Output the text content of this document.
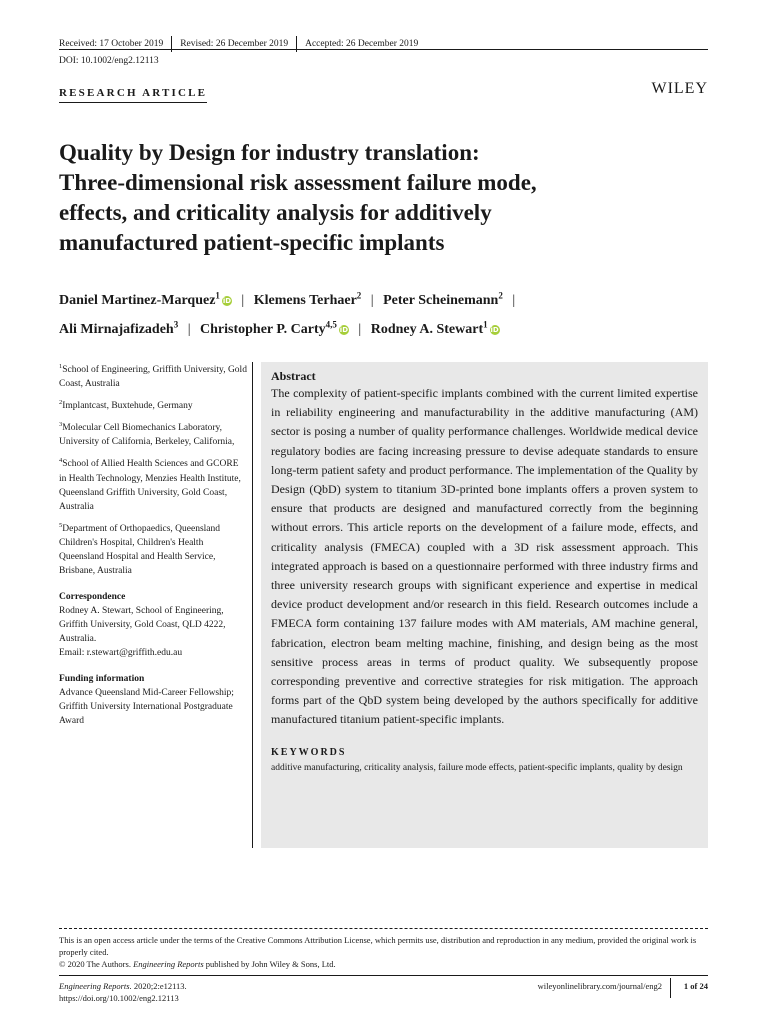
Received: 17 October 2019	Revised: 26 December 2019	Accepted: 26 December 2019
DOI: 10.1002/eng2.12113
RESEARCH ARTICLE	WILEY
Quality by Design for industry translation:
Three-dimensional risk assessment failure mode,
effects, and criticality analysis for additively
manufactured patient-specific implants
Daniel Martinez-Marquez$^1$iD | Klemens Terhaer$^2$ | Peter Scheinemann$^2$ |
Ali Mirnajafizadeh$^3$ | Christopher P. Carty$^{4,5}$iD | Rodney A. Stewart$^1$iD
$^1$School of Engineering, Griffith University, Gold Coast, Australia
$^2$Implantcast, Buxtehude, Germany
$^3$Molecular Cell Biomechanics Laboratory, University of California, Berkeley, California,
$^4$School of Allied Health Sciences and GCORE in Health Technology, Menzies Health Institute, Queensland Griffith University, Gold Coast, Australia
$^5$Department of Orthopaedics, Queensland Children's Hospital, Children's Health Queensland Hospital and Health Service, Brisbane, Australia
Correspondence
Rodney A. Stewart, School of Engineering, Griffith University, Gold Coast, QLD 4222, Australia.
Email: r.stewart@griffith.edu.au
Funding information
Advance Queensland Mid-Career Fellowship; Griffith University International Postgraduate Award
Abstract
The complexity of patient-specific implants combined with the current limited expertise in reliability engineering and manufacturability in the additive manufacturing (AM) sector is posing a number of quality performance challenges. Worldwide medical device regulatory bodies are facing increasing pressure to devise adequate standards to ensure long-term patient safety and product performance. The implementation of the Quality by Design (QbD) system to titanium 3D-printed bone implants offers a proven system to ensure that products are designed and manufactured correctly from the beginning without errors. This article reports on the development of a failure mode, effects, and criticality analysis (FMECA) coupled with a 3D risk assessment approach. This integrated approach is based on a questionnaire performed with three industry firms and three university research groups with significant experience and expertise in medical device product development and/or research in this field. Research outcomes include a FMECA form containing 137 failure modes with AM materials, AM machine general, fabrication, electron beam melting machine, finishing, and design being as the most sensitive process areas in terms of product quality. We subsequently propose corresponding preventive and corrective strategies for risk mitigation. The approach forms part of the QbD system being developed by the authors specifically for additive manufactured titanium patient-specific implants.
KEYWORDS
additive manufacturing, criticality analysis, failure mode effects, patient-specific implants, quality by design
This is an open access article under the terms of the Creative Commons Attribution License, which permits use, distribution and reproduction in any medium, provided the original work is properly cited.
© 2020 The Authors. Engineering Reports published by John Wiley & Sons, Ltd.
Engineering Reports. 2020;2:e12113.
https://doi.org/10.1002/eng2.12113
wileyonlinelibrary.com/journal/eng2	1 of 24
